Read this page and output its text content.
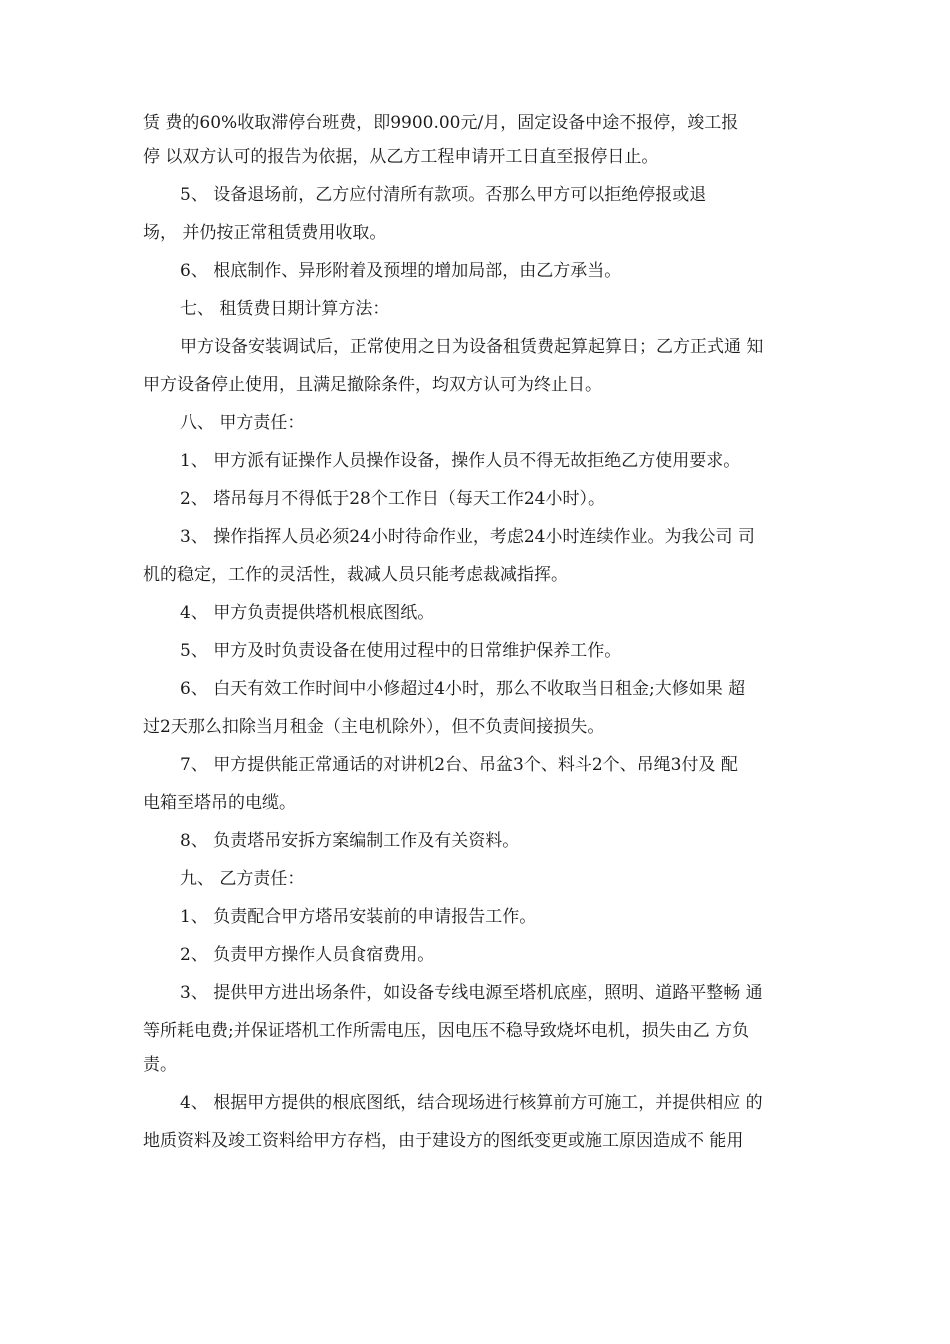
赁 费的60%收取滞停台班费，即9900.00元/月，固定设备中途不报停，竣工报
停 以双方认可的报告为依据，从乙方工程申请开工日直至报停日止。
5、 设备退场前，乙方应付清所有款项。否那么甲方可以拒绝停报或退
场， 并仍按正常租赁费用收取。
6、 根底制作、异形附着及预埋的增加局部，由乙方承当。
七、 租赁费日期计算方法：
甲方设备安装调试后，正常使用之日为设备租赁费起算起算日；乙方正式通 知
甲方设备停止使用，且满足撤除条件，均双方认可为终止日。
八、 甲方责任：
1、 甲方派有证操作人员操作设备，操作人员不得无故拒绝乙方使用要求。
2、 塔吊每月不得低于28个工作日（每天工作24小时）。
3、 操作指挥人员必须24小时待命作业，考虑24小时连续作业。为我公司 司
机的稳定，工作的灵活性，裁减人员只能考虑裁减指挥。
4、 甲方负责提供塔机根底图纸。
5、 甲方及时负责设备在使用过程中的日常维护保养工作。
6、 白天有效工作时间中小修超过4小时，那么不收取当日租金;大修如果 超
过2天那么扣除当月租金（主电机除外），但不负责间接损失。
7、 甲方提供能正常通话的对讲机2台、吊盆3个、料斗2个、吊绳3付及 配
电箱至塔吊的电缆。
8、 负责塔吊安拆方案编制工作及有关资料。
九、 乙方责任：
1、 负责配合甲方塔吊安装前的申请报告工作。
2、 负责甲方操作人员食宿费用。
3、 提供甲方进出场条件，如设备专线电源至塔机底座，照明、道路平整畅 通
等所耗电费;并保证塔机工作所需电压，因电压不稳导致烧坏电机，损失由乙 方负
责。
4、 根据甲方提供的根底图纸，结合现场进行核算前方可施工，并提供相应 的
地质资料及竣工资料给甲方存档，由于建设方的图纸变更或施工原因造成不 能用
